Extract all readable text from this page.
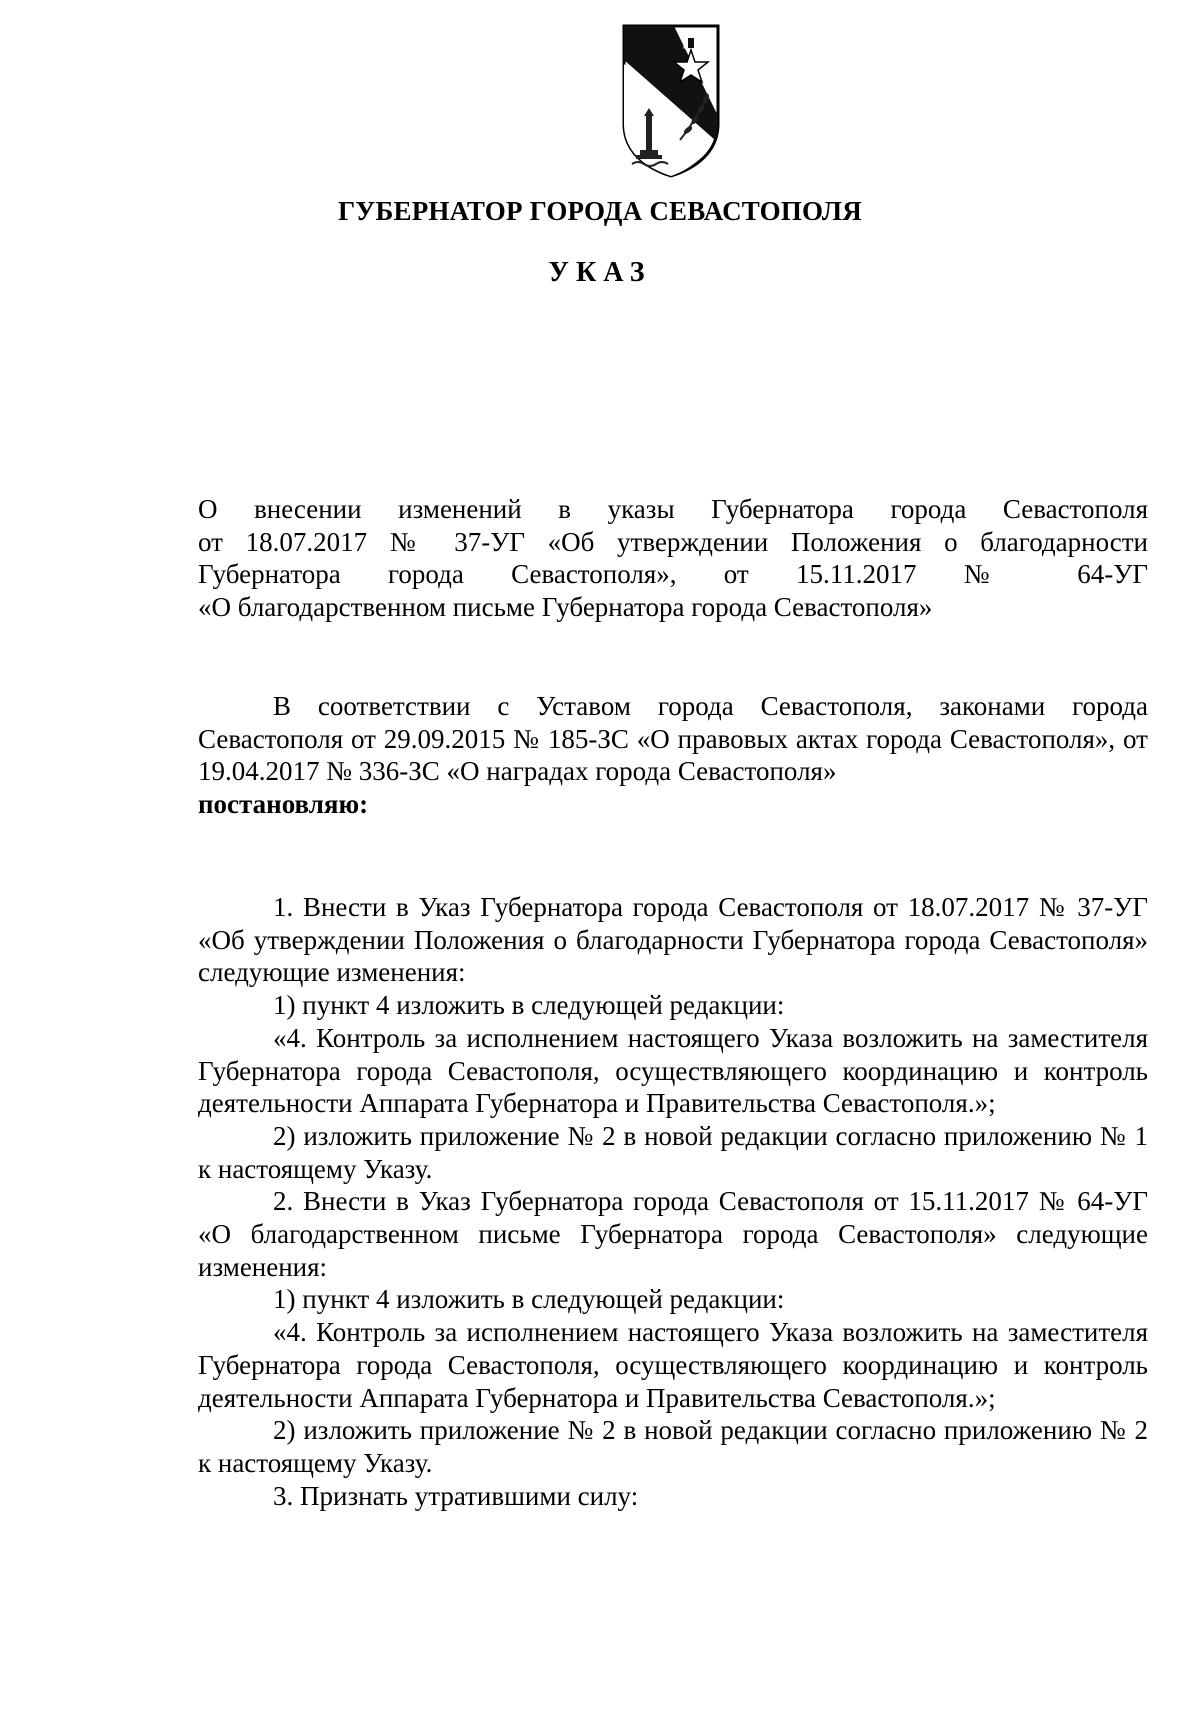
ГУБЕРНАТОР ГОРОДА СЕВАСТОПОЛЯ
УКАЗ
О внесении изменений в указы Губернатора города Севастополя
от 18.07.2017 № 37-УГ «Об утверждении Положения о благодарности
Губернатора города Севастополя», от 15.11.2017 № 64-УГ
«О благодарственном письме Губернатора города Севастополя»
В соответствии с Уставом города Севастополя, законами города Севастополя от 29.09.2015 № 185-ЗС «О правовых актах города Севастополя», от 19.04.2017 № 336-ЗС «О наградах города Севастополя»
постановляю:

1. Внести в Указ Губернатора города Севастополя от 18.07.2017 № 37-УГ «Об утверждении Положения о благодарности Губернатора города Севастополя» следующие изменения:

1) пункт 4 изложить в следующей редакции:

«4. Контроль за исполнением настоящего Указа возложить на заместителя Губернатора города Севастополя, осуществляющего координацию и контроль деятельности Аппарата Губернатора и Правительства Севастополя.»;

2) изложить приложение № 2 в новой редакции согласно приложению № 1 к настоящему Указу.

2. Внести в Указ Губернатора города Севастополя от 15.11.2017 № 64-УГ «О благодарственном письме Губернатора города Севастополя» следующие изменения:

1) пункт 4 изложить в следующей редакции:

«4. Контроль за исполнением настоящего Указа возложить на заместителя Губернатора города Севастополя, осуществляющего координацию и контроль деятельности Аппарата Губернатора и Правительства Севастополя.»;

2) изложить приложение № 2 в новой редакции согласно приложению № 2 к настоящему Указу.

3. Признать утратившими силу:
